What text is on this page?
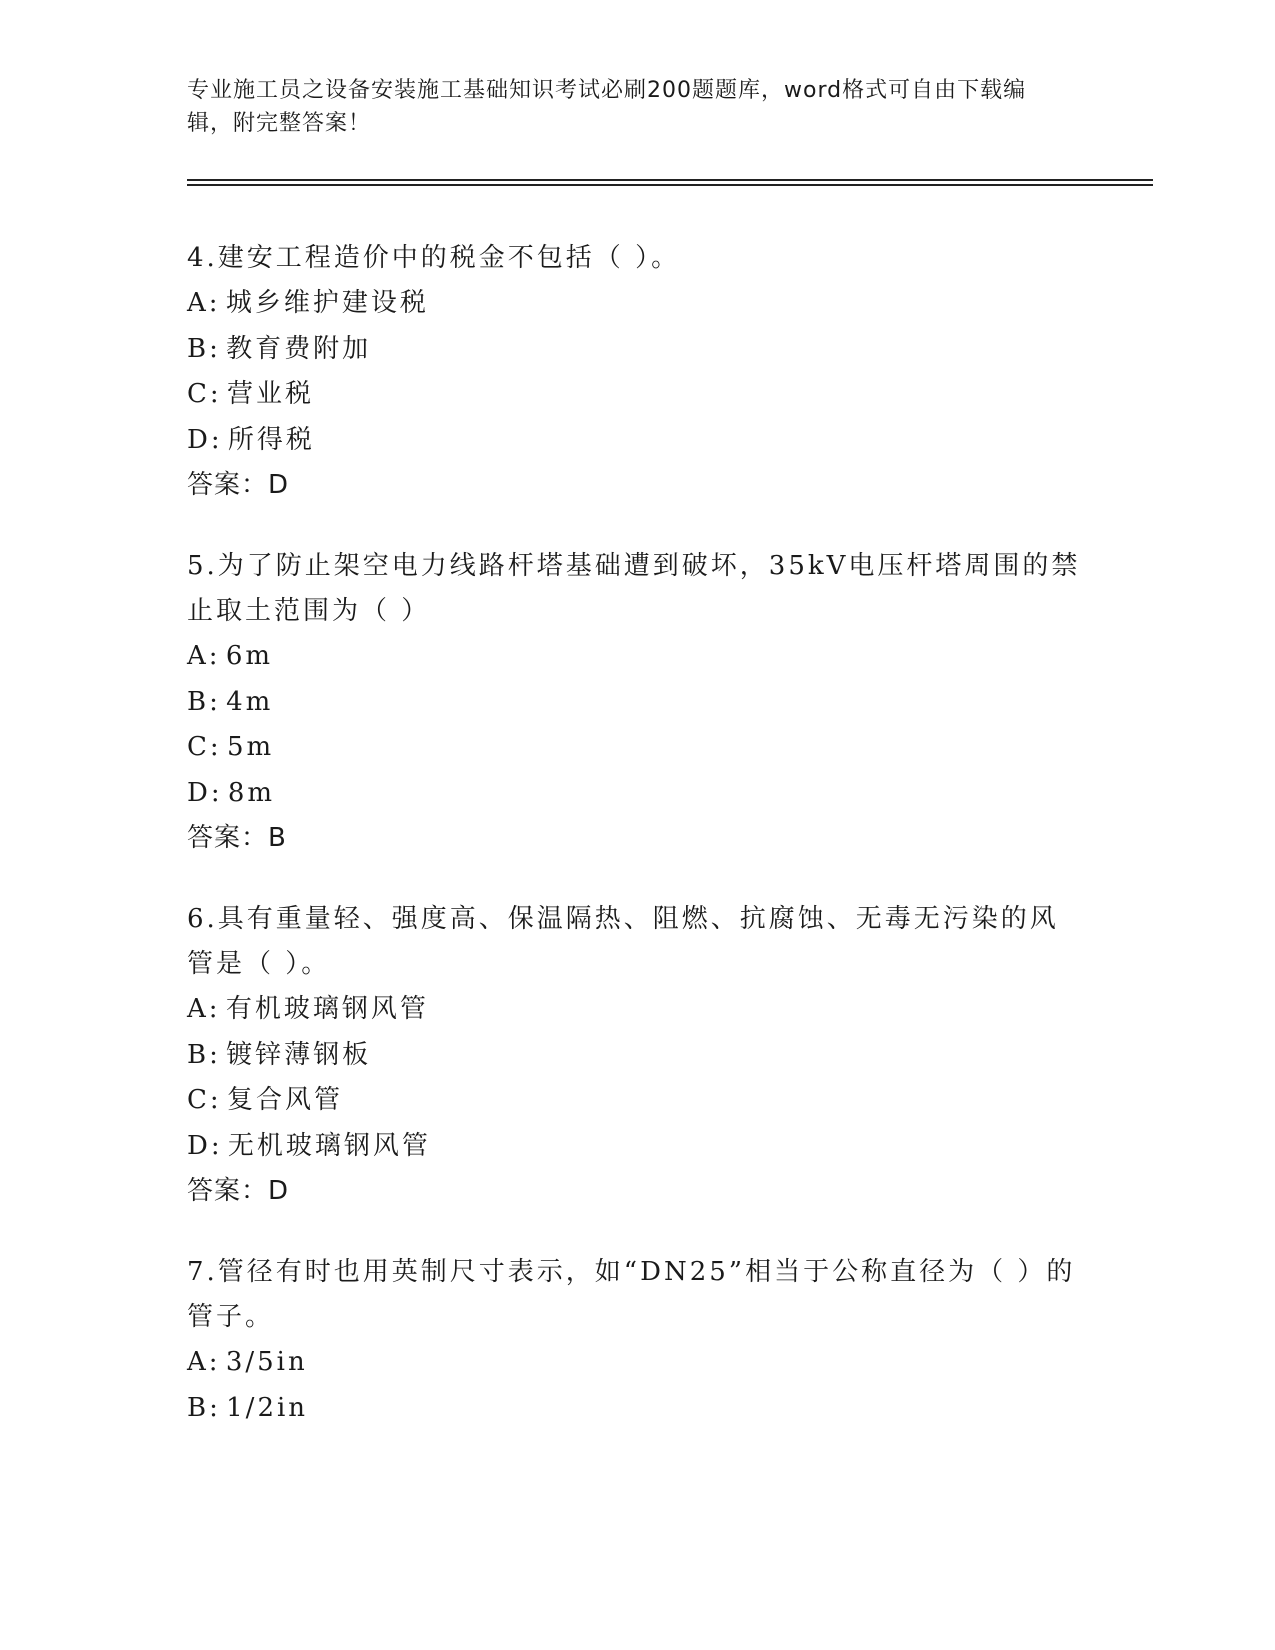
专业施工员之设备安装施工基础知识考试必刷200题题库，word格式可自由下载编辑，附完整答案！
4.建安工程造价中的税金不包括（ ）。
A: 城乡维护建设税
B: 教育费附加
C: 营业税
D: 所得税
答案：D
5.为了防止架空电力线路杆塔基础遭到破坏，35kV电压杆塔周围的禁止取土范围为（ ）
A: 6m
B: 4m
C: 5m
D: 8m
答案：B
6.具有重量轻、强度高、保温隔热、阻燃、抗腐蚀、无毒无污染的风管是（ ）。
A: 有机玻璃钢风管
B: 镀锌薄钢板
C: 复合风管
D: 无机玻璃钢风管
答案：D
7.管径有时也用英制尺寸表示，如“DN25”相当于公称直径为（ ）的管子。
A: 3/5in
B: 1/2in
